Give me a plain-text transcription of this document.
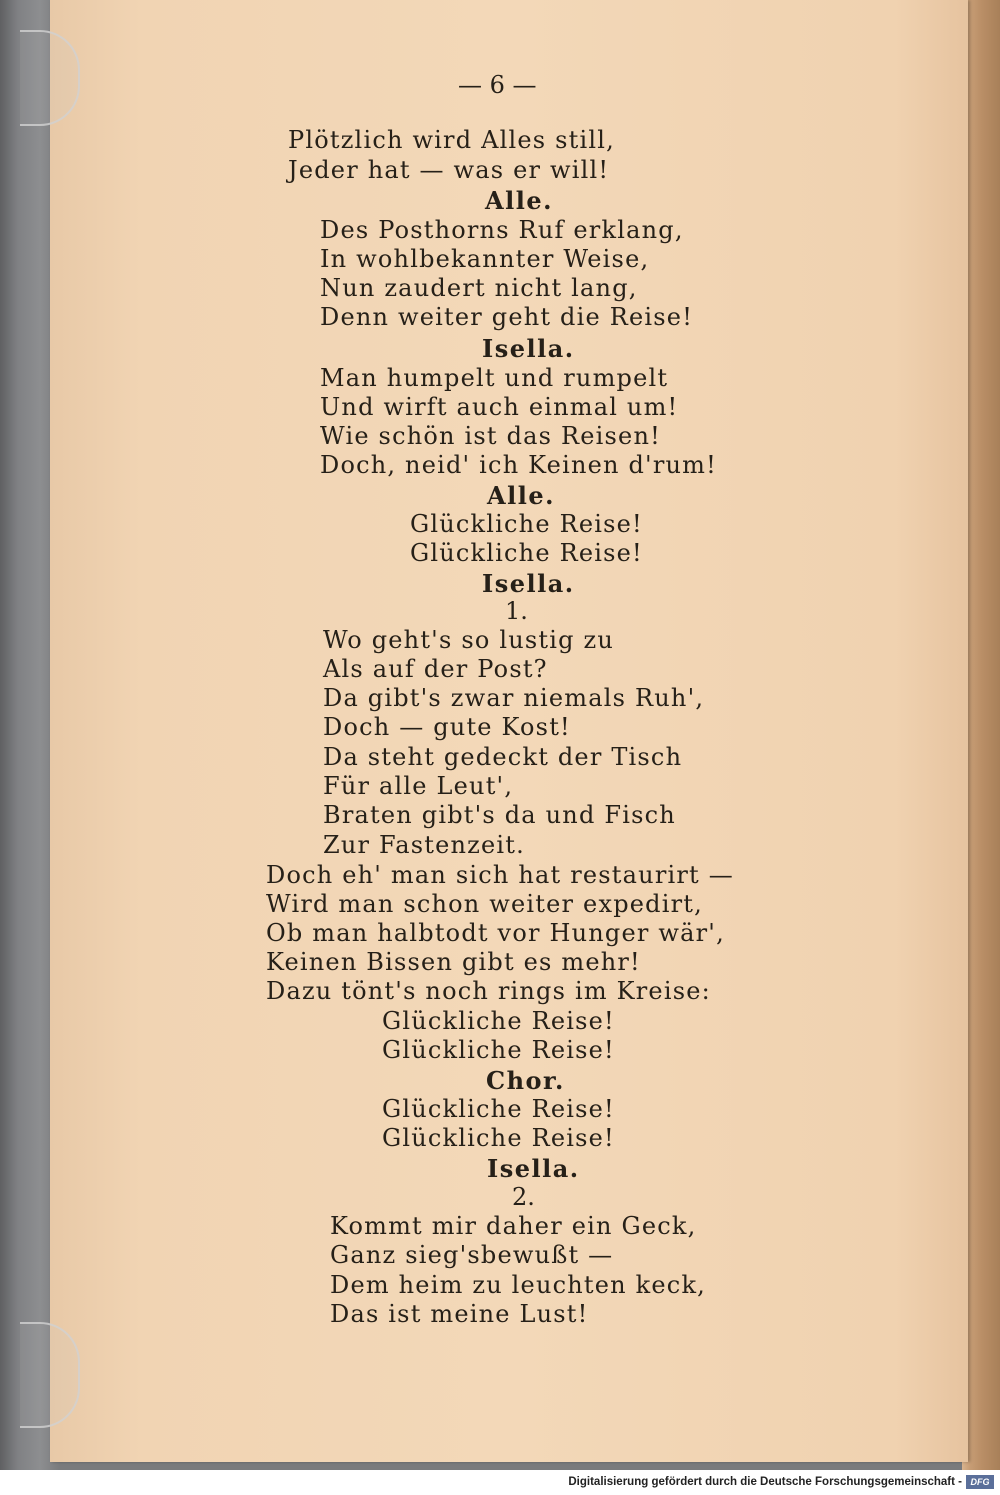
— 6 —
Plötzlich wird Alles still,
Jeder hat — was er will!
Alle.
Des Posthorns Ruf erklang,
In wohlbekannter Weise,
Nun zaudert nicht lang,
Denn weiter geht die Reise!
Isella.
Man humpelt und rumpelt
Und wirft auch einmal um!
Wie schön ist das Reisen!
Doch, neid' ich Keinen d'rum!
Alle.
Glückliche Reise!
Glückliche Reise!
Isella.
1.
Wo geht's so lustig zu
Als auf der Post?
Da gibt's zwar niemals Ruh',
Doch — gute Kost!
Da steht gedeckt der Tisch
Für alle Leut',
Braten gibt's da und Fisch
Zur Fastenzeit.
Doch eh' man sich hat restaurirt —
Wird man schon weiter expedirt,
Ob man halbtodt vor Hunger wär',
Keinen Bissen gibt es mehr!
Dazu tönt's noch rings im Kreise:
Glückliche Reise!
Glückliche Reise!
Chor.
Glückliche Reise!
Glückliche Reise!
Isella.
2.
Kommt mir daher ein Geck,
Ganz sieg'sbewußt —
Dem heim zu leuchten keck,
Das ist meine Lust!
Digitalisierung gefördert durch die Deutsche Forschungsgemeinschaft - DFG
